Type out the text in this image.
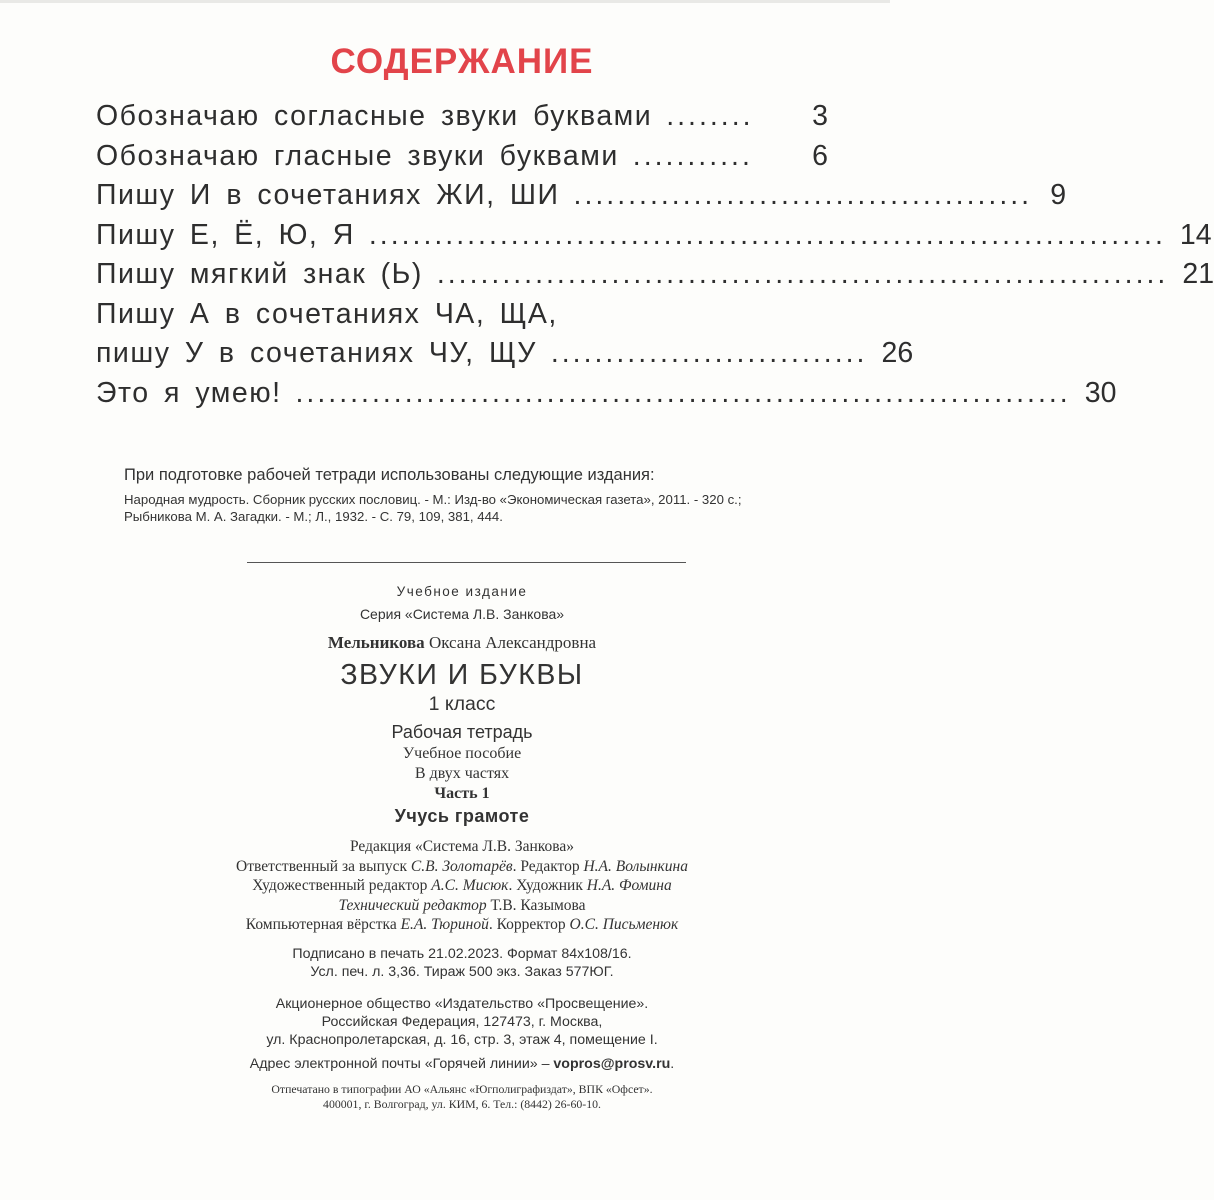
СОДЕРЖАНИЕ
Обозначаю согласные звуки буквами ........	3
Обозначаю гласные звуки буквами ...........	6
Пишу И в сочетаниях ЖИ, ШИ .......................................... 9
Пишу Е, Ё, Ю, Я ......................................................................... 14
Пишу мягкий знак (Ь) ................................................................... 21
Пишу А в сочетаниях ЧА, ЩА,
пишу У в сочетаниях ЧУ, ЩУ ............................. 26
Это я умею! ....................................................................... 30
При подготовке рабочей тетради использованы следующие издания:
Народная мудрость. Сборник русских пословиц. - М.: Изд-во «Экономическая газета», 2011. - 320 с.;
Рыбникова М. А. Загадки. - М.; Л., 1932. - С. 79, 109, 381, 444.
Учебное издание
Серия «Система Л.В. Занкова»
Мельникова Оксана Александровна
ЗВУКИ И БУКВЫ
1 класс
Рабочая тетрадь
Учебное пособие
В двух частях
Часть 1
Учусь грамоте
Редакция «Система Л.В. Занкова»
Ответственный за выпуск С.В. Золотарёв. Редактор Н.А. Волынкина
Художественный редактор А.С. Мисюк. Художник Н.А. Фомина
Технический редактор Т.В. Казымова
Компьютерная вёрстка Е.А. Тюриной. Корректор О.С. Письменюк
Подписано в печать 21.02.2023. Формат 84x108/16.
Усл. печ. л. 3,36. Тираж 500 экз. Заказ 577ЮГ.
Акционерное общество «Издательство «Просвещение».
Российская Федерация, 127473, г. Москва,
ул. Краснопролетарская, д. 16, стр. 3, этаж 4, помещение I.
Адрес электронной почты «Горячей линии» – vopros@prosv.ru.
Отпечатано в типографии АО «Альянс «Югполиграфиздат», ВПК «Офсет».
400001, г. Волгоград, ул. КИМ, 6. Тел.: (8442) 26-60-10.
